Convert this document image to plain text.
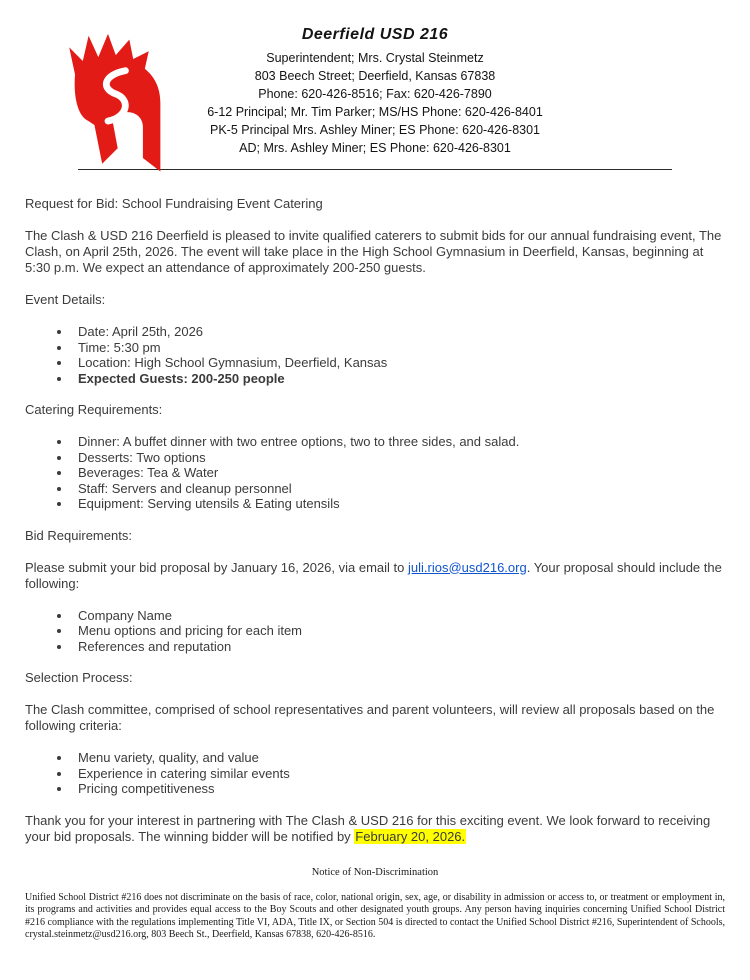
Deerfield USD 216
Superintendent; Mrs. Crystal Steinmetz
803 Beech Street; Deerfield, Kansas 67838
Phone: 620-426-8516; Fax: 620-426-7890
6-12 Principal; Mr. Tim Parker; MS/HS Phone: 620-426-8401
PK-5 Principal Mrs. Ashley Miner; ES Phone: 620-426-8301
AD; Mrs. Ashley Miner; ES Phone: 620-426-8301

Request for Bid: School Fundraising Event Catering

The Clash & USD 216 Deerfield is pleased to invite qualified caterers to submit bids for our annual fundraising event, The Clash, on April 25th, 2026. The event will take place in the High School Gymnasium in Deerfield, Kansas, beginning at 5:30 p.m. We expect an attendance of approximately 200-250 guests.

Event Details:

• Date: April 25th, 2026
• Time: 5:30 pm
• Location: High School Gymnasium, Deerfield, Kansas
• Expected Guests: 200-250 people

Catering Requirements:

• Dinner: A buffet dinner with two entree options, two to three sides, and salad.
• Desserts: Two options
• Beverages: Tea & Water
• Staff: Servers and cleanup personnel
• Equipment: Serving utensils & Eating utensils

Bid Requirements:

Please submit your bid proposal by January 16, 2026, via email to juli.rios@usd216.org. Your proposal should include the following:

• Company Name
• Menu options and pricing for each item
• References and reputation

Selection Process:

The Clash committee, comprised of school representatives and parent volunteers, will review all proposals based on the following criteria:

• Menu variety, quality, and value
• Experience in catering similar events
• Pricing competitiveness

Thank you for your interest in partnering with The Clash & USD 216 for this exciting event. We look forward to receiving your bid proposals. The winning bidder will be notified by February 20, 2026.

Notice of Non-Discrimination

Unified School District #216 does not discriminate on the basis of race, color, national origin, sex, age, or disability in admission or access to, or treatment or employment in, its programs and activities and provides equal access to the Boy Scouts and other designated youth groups. Any person having inquiries concerning Unified School District #216 compliance with the regulations implementing Title VI, ADA, Title IX, or Section 504 is directed to contact the Unified School District #216, Superintendent of Schools, crystal.steinmetz@usd216.org, 803 Beech St., Deerfield, Kansas 67838, 620-426-8516.
